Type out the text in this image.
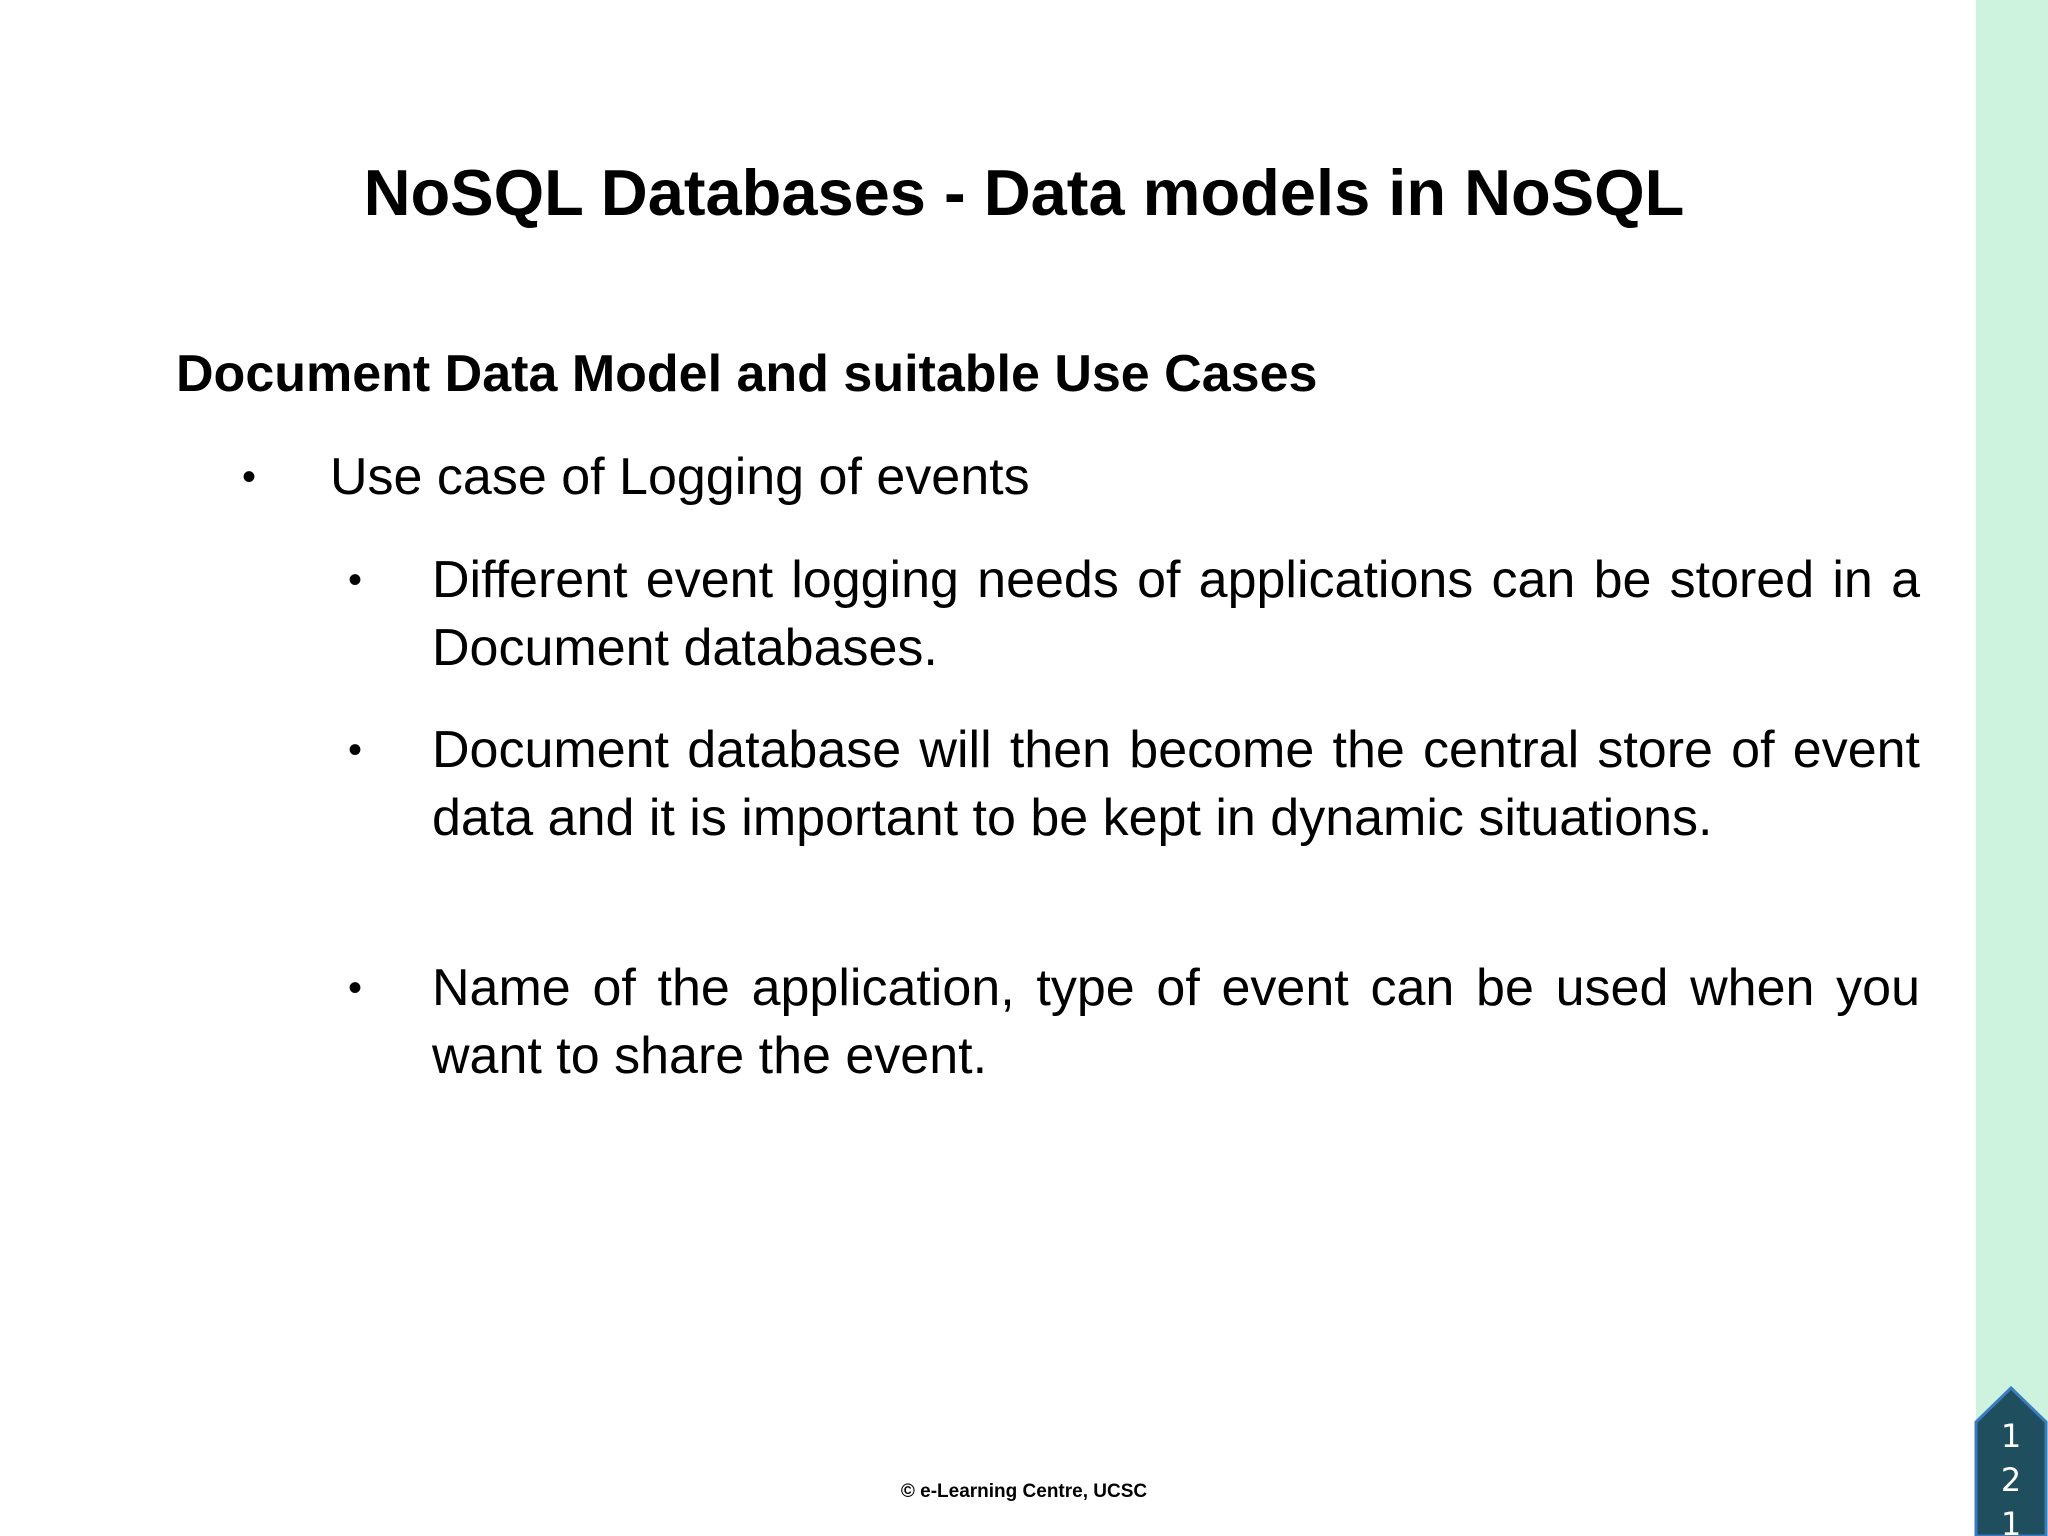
NoSQL Databases - Data models in NoSQL
Document Data Model and suitable Use Cases
• Use case of Logging of events
• Different event logging needs of applications can be stored in a Document databases.
• Document database will then become the central store of event data and it is important to be kept in dynamic situations.
• Name of the application, type of event can be used when you want to share the event.
© e-Learning Centre, UCSC
1
2
1
